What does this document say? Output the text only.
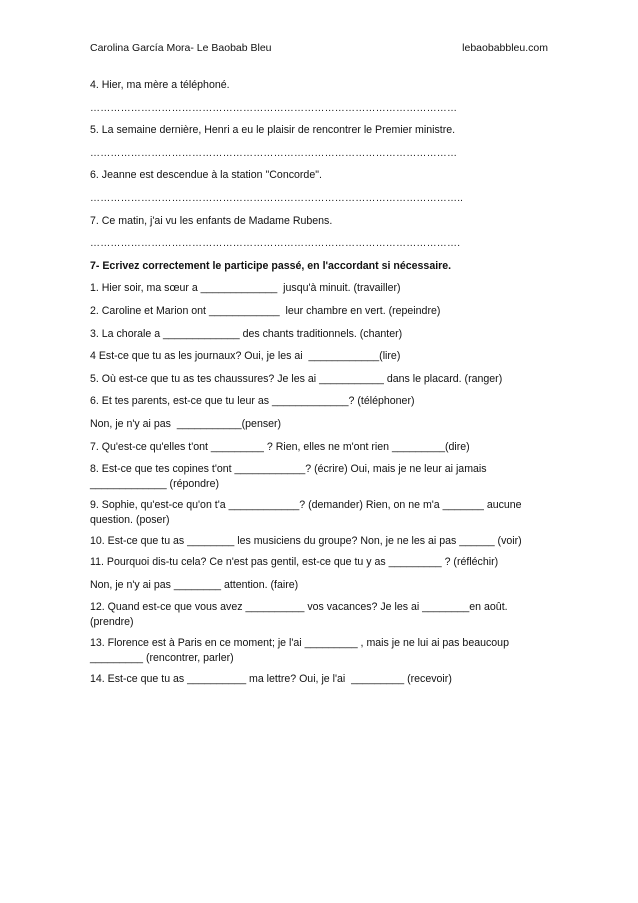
Carolina García Mora- Le Baobab Bleu	lebaobabbleu.com

4. Hier, ma mère a téléphoné.

………………………………………………………………………………………………

5. La semaine dernière, Henri a eu le plaisir de rencontrer le Premier ministre.

………………………………………………………………………………………………

6. Jeanne est descendue à la station "Concorde".

………………………………………………………………………………………………..

7. Ce matin, j'ai vu les enfants de Madame Rubens.

……………………………………………………………………………………………….

7- Ecrivez correctement le participe passé, en l'accordant si nécessaire.

1. Hier soir, ma sœur a _____________  jusqu'à minuit. (travailler)

2. Caroline et Marion ont ____________  leur chambre en vert. (repeindre)

3. La chorale a _____________ des chants traditionnels. (chanter)

4 Est-ce que tu as les journaux? Oui, je les ai  ____________(lire)

5. Où est-ce que tu as tes chaussures? Je les ai ___________ dans le placard. (ranger)

6. Et tes parents, est-ce que tu leur as _____________? (téléphoner)

Non, je n'y ai pas  ___________(penser)

7. Qu'est-ce qu'elles t'ont _________ ? Rien, elles ne m'ont rien _________(dire)

8. Est-ce que tes copines t'ont ____________? (écrire) Oui, mais je ne leur ai jamais _____________ (répondre)

9. Sophie, qu'est-ce qu'on t'a ____________? (demander) Rien, on ne m'a _______ aucune question. (poser)

10. Est-ce que tu as ________ les musiciens du groupe? Non, je ne les ai pas ______ (voir)

11. Pourquoi dis-tu cela? Ce n'est pas gentil, est-ce que tu y as _________ ? (réfléchir)

Non, je n'y ai pas ________ attention. (faire)

12. Quand est-ce que vous avez __________ vos vacances? Je les ai ________en août. (prendre)

13. Florence est à Paris en ce moment; je l'ai _________ , mais je ne lui ai pas beaucoup _________ (rencontrer, parler)

14. Est-ce que tu as __________ ma lettre? Oui, je l'ai  _________ (recevoir)
